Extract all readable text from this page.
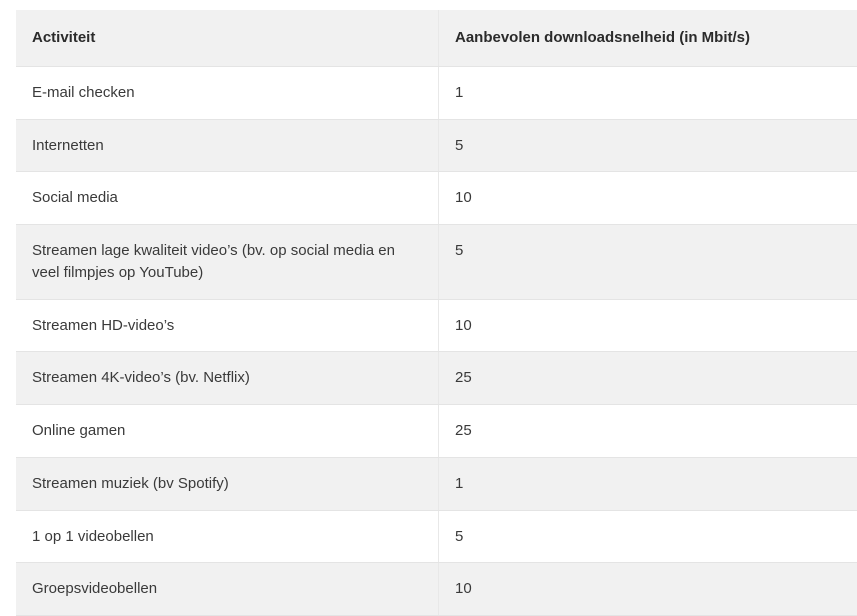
Activiteit	Aanbevolen downloadsnelheid (in Mbit/s)
E-mail checken	1
Internetten	5
Social media	10
Streamen lage kwaliteit video’s (bv. op social media en veel filmpjes op YouTube)	5
Streamen HD-video’s	10
Streamen 4K-video’s (bv. Netflix)	25
Online gamen	25
Streamen muziek (bv Spotify)	1
1 op 1 videobellen	5
Groepsvideobellen	10
